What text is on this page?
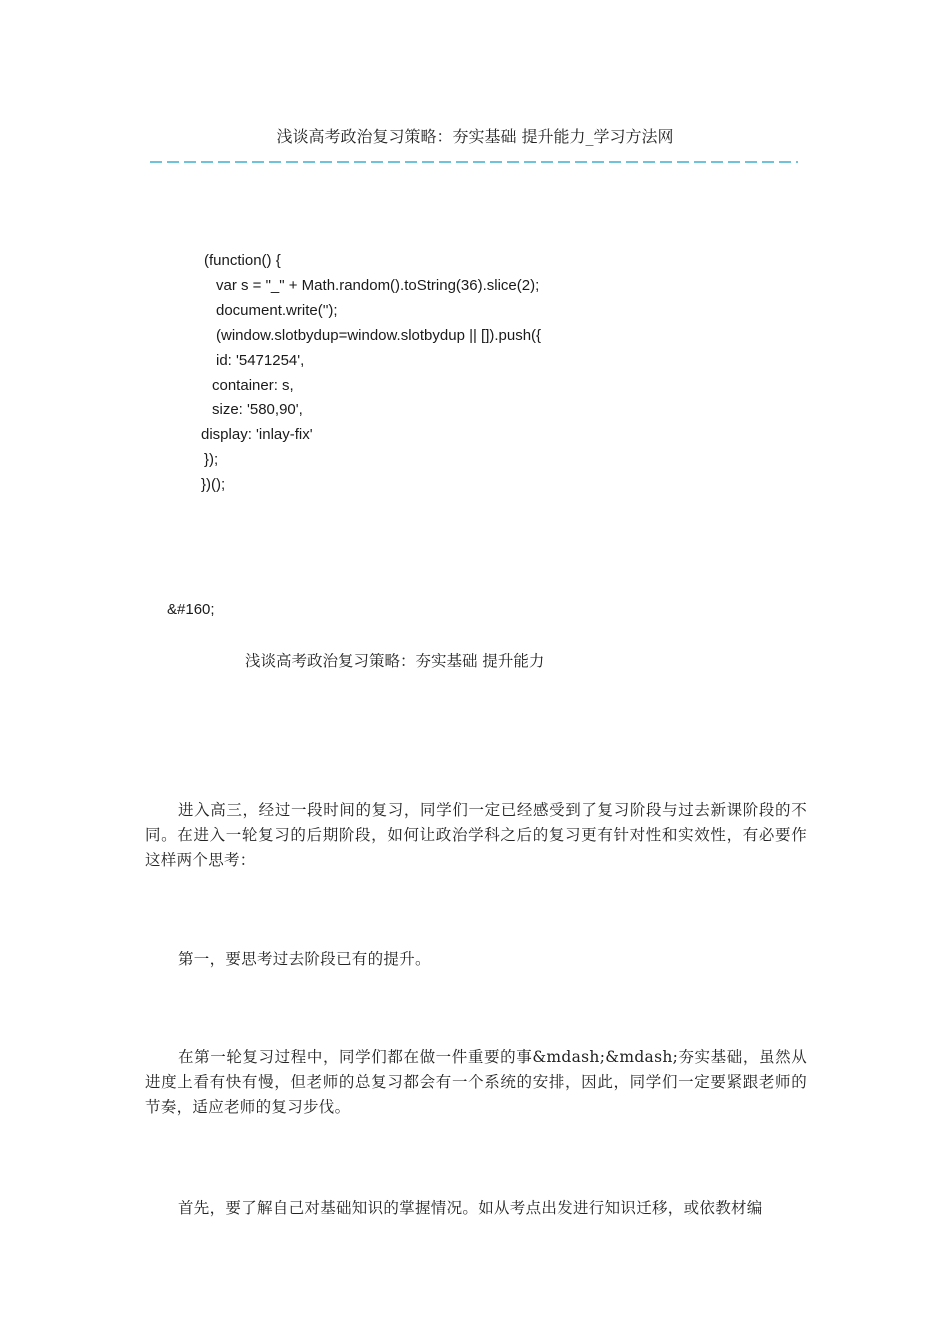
浅谈高考政治复习策略：夯实基础 提升能力_学习方法网
(function() {
var s = "_" + Math.random().toString(36).slice(2);
document.write('');
(window.slotbydup=window.slotbydup || []).push({
id: '5471254',
container: s,
size: '580,90',
display: 'inlay-fix'
});
})();
&#160;
浅谈高考政治复习策略：夯实基础 提升能力

进入高三，经过一段时间的复习，同学们一定已经感受到了复习阶段与过去新课阶段的不同。在进入一轮复习的后期阶段，如何让政治学科之后的复习更有针对性和实效性，有必要作这样两个思考：

第一，要思考过去阶段已有的提升。

在第一轮复习过程中，同学们都在做一件重要的事&mdash;&mdash;夯实基础，虽然从进度上看有快有慢，但老师的总复习都会有一个系统的安排，因此，同学们一定要紧跟老师的节奏，适应老师的复习步伐。

首先，要了解自己对基础知识的掌握情况。如从考点出发进行知识迁移，或依教材编
